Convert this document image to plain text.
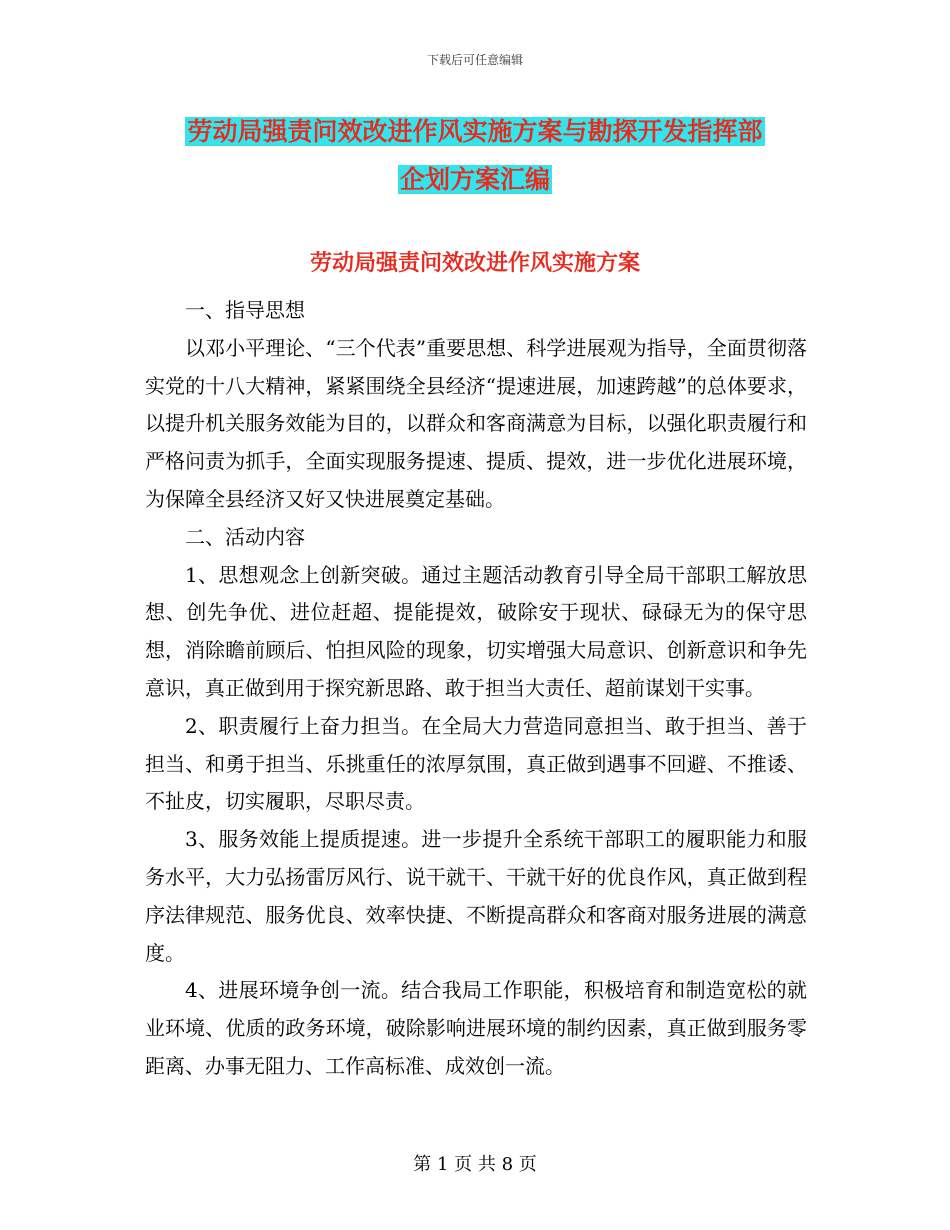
下载后可任意编辑
劳动局强责问效改进作风实施方案与勘探开发指挥部
企划方案汇编
劳动局强责问效改进作风实施方案

一、指导思想

以邓小平理论、“三个代表”重要思想、科学进展观为指导，全面贯彻落实党的十八大精神，紧紧围绕全县经济“提速进展，加速跨越”的总体要求，以提升机关服务效能为目的，以群众和客商满意为目标，以强化职责履行和严格问责为抓手，全面实现服务提速、提质、提效，进一步优化进展环境，为保障全县经济又好又快进展奠定基础。

二、活动内容

1、思想观念上创新突破。通过主题活动教育引导全局干部职工解放思想、创先争优、进位赶超、提能提效，破除安于现状、碌碌无为的保守思想，消除瞻前顾后、怕担风险的现象，切实增强大局意识、创新意识和争先意识，真正做到用于探究新思路、敢于担当大责任、超前谋划干实事。

2、职责履行上奋力担当。在全局大力营造同意担当、敢于担当、善于担当、和勇于担当、乐挑重任的浓厚氛围，真正做到遇事不回避、不推诿、不扯皮，切实履职，尽职尽责。

3、服务效能上提质提速。进一步提升全系统干部职工的履职能力和服务水平，大力弘扬雷厉风行、说干就干、干就干好的优良作风，真正做到程序法律规范、服务优良、效率快捷、不断提高群众和客商对服务进展的满意度。

4、进展环境争创一流。结合我局工作职能，积极培育和制造宽松的就业环境、优质的政务环境，破除影响进展环境的制约因素，真正做到服务零距离、办事无阻力、工作高标准、成效创一流。

第 1 页 共 8 页
